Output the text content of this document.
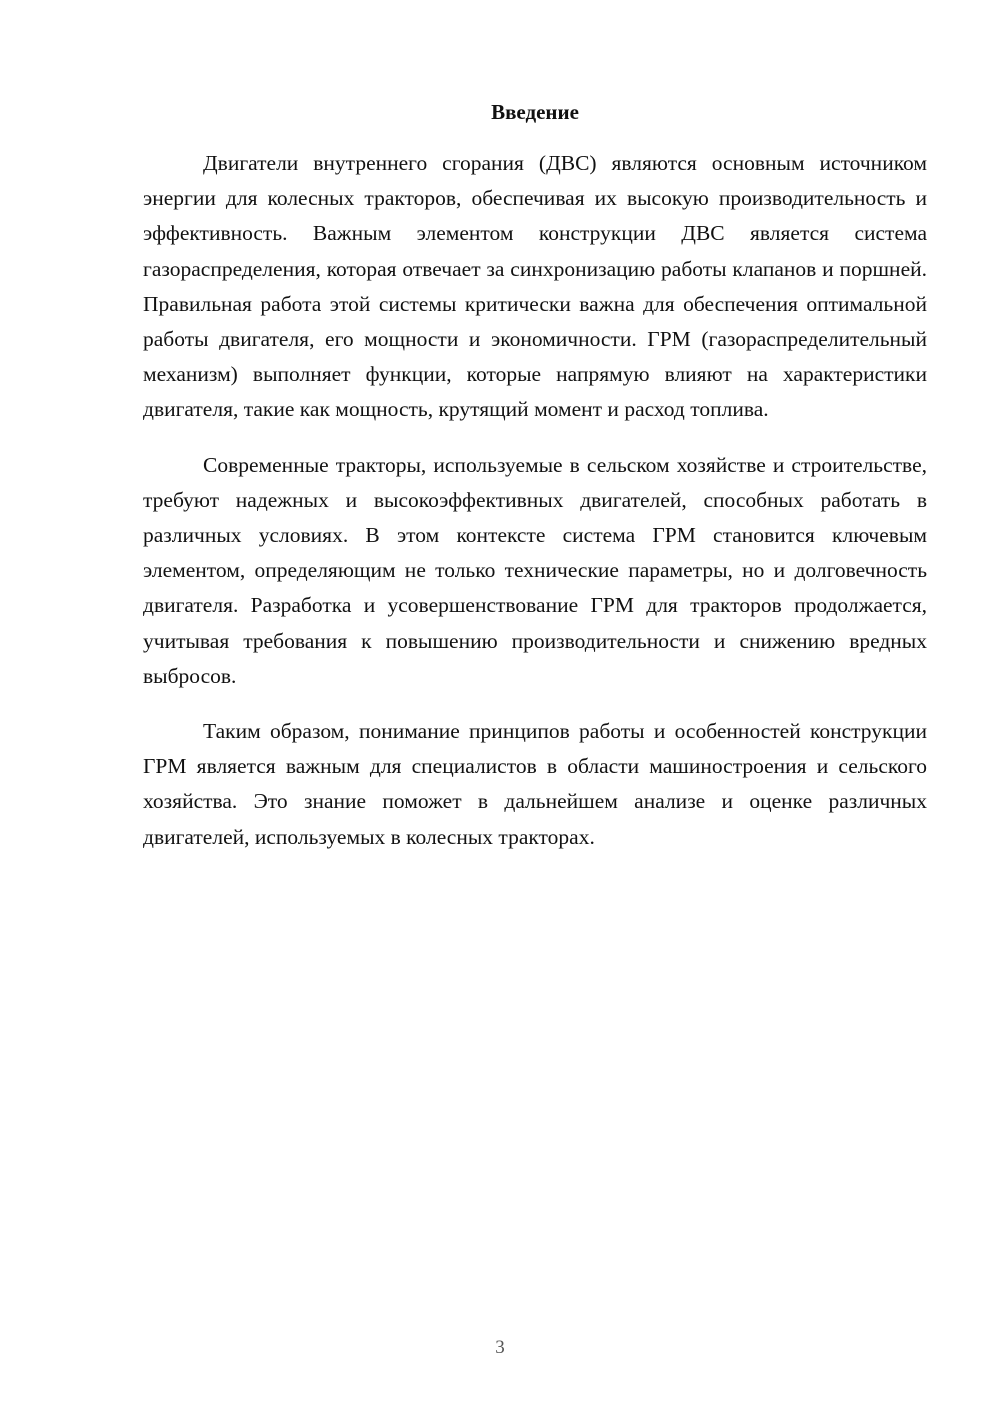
Введение

Двигатели внутреннего сгорания (ДВС) являются основным источником энергии для колесных тракторов, обеспечивая их высокую производительность и эффективность. Важным элементом конструкции ДВС является система газораспределения, которая отвечает за синхронизацию работы клапанов и поршней. Правильная работа этой системы критически важна для обеспечения оптимальной работы двигателя, его мощности и экономичности. ГРМ (газораспределительный механизм) выполняет функции, которые напрямую влияют на характеристики двигателя, такие как мощность, крутящий момент и расход топлива.

Современные тракторы, используемые в сельском хозяйстве и строительстве, требуют надежных и высокоэффективных двигателей, способных работать в различных условиях. В этом контексте система ГРМ становится ключевым элементом, определяющим не только технические параметры, но и долговечность двигателя. Разработка и усовершенствование ГРМ для тракторов продолжается, учитывая требования к повышению производительности и снижению вредных выбросов.

Таким образом, понимание принципов работы и особенностей конструкции ГРМ является важным для специалистов в области машиностроения и сельского хозяйства. Это знание поможет в дальнейшем анализе и оценке различных двигателей, используемых в колесных тракторах.

3
